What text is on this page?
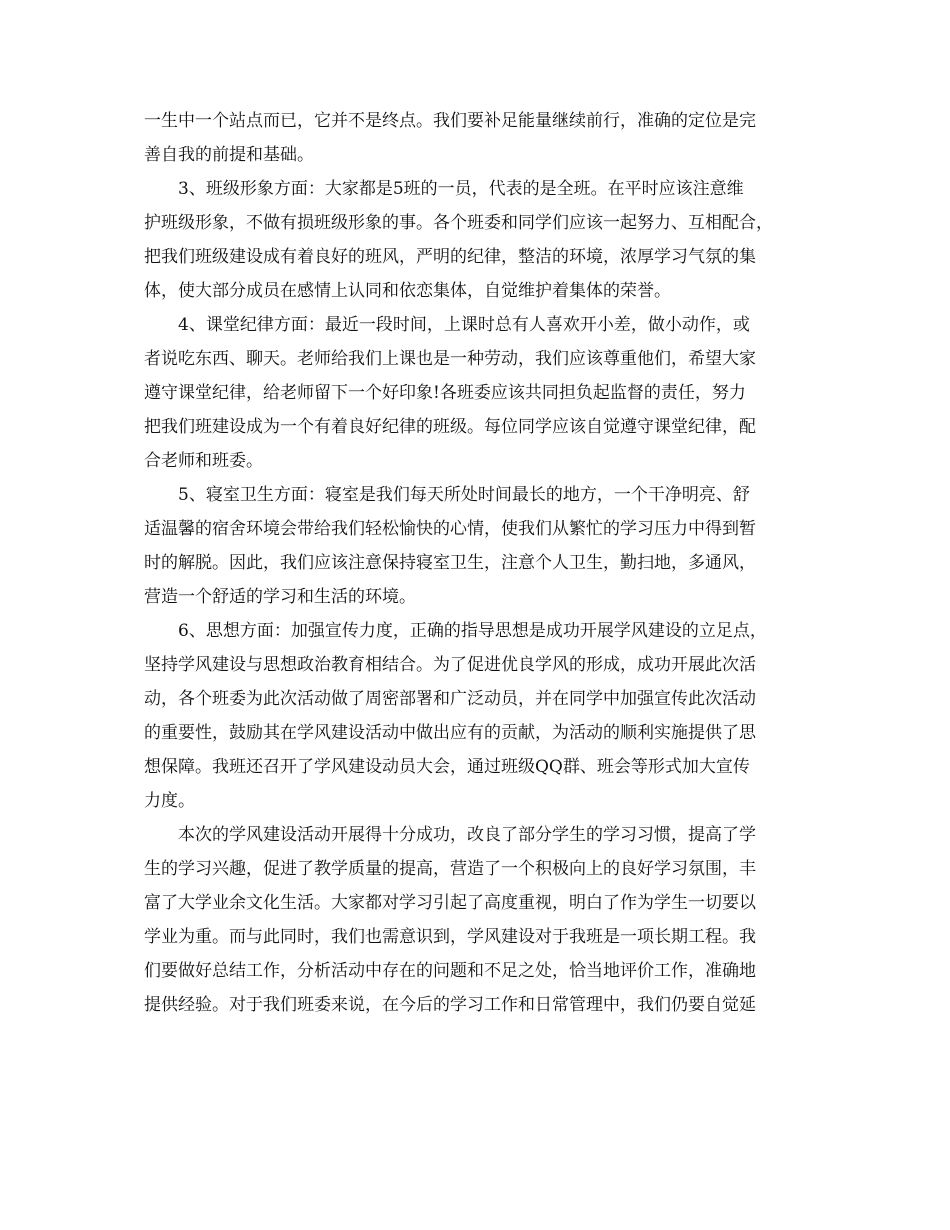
一生中一个站点而已，它并不是终点。我们要补足能量继续前行，准确的定位是完
善自我的前提和基础。
3、班级形象方面：大家都是5班的一员，代表的是全班。在平时应该注意维
护班级形象，不做有损班级形象的事。各个班委和同学们应该一起努力、互相配合，
把我们班级建设成有着良好的班风，严明的纪律，整洁的环境，浓厚学习气氛的集
体，使大部分成员在感情上认同和依恋集体，自觉维护着集体的荣誉。
4、课堂纪律方面：最近一段时间，上课时总有人喜欢开小差，做小动作，或
者说吃东西、聊天。老师给我们上课也是一种劳动，我们应该尊重他们，希望大家
遵守课堂纪律，给老师留下一个好印象!各班委应该共同担负起监督的责任，努力
把我们班建设成为一个有着良好纪律的班级。每位同学应该自觉遵守课堂纪律，配
合老师和班委。
5、寝室卫生方面：寝室是我们每天所处时间最长的地方，一个干净明亮、舒
适温馨的宿舍环境会带给我们轻松愉快的心情，使我们从繁忙的学习压力中得到暂
时的解脱。因此，我们应该注意保持寝室卫生，注意个人卫生，勤扫地，多通风，
营造一个舒适的学习和生活的环境。
6、思想方面：加强宣传力度，正确的指导思想是成功开展学风建设的立足点，
坚持学风建设与思想政治教育相结合。为了促进优良学风的形成，成功开展此次活
动，各个班委为此次活动做了周密部署和广泛动员，并在同学中加强宣传此次活动
的重要性，鼓励其在学风建设活动中做出应有的贡献，为活动的顺利实施提供了思
想保障。我班还召开了学风建设动员大会，通过班级QQ群、班会等形式加大宣传
力度。
本次的学风建设活动开展得十分成功，改良了部分学生的学习习惯，提高了学
生的学习兴趣，促进了教学质量的提高，营造了一个积极向上的良好学习氛围，丰
富了大学业余文化生活。大家都对学习引起了高度重视，明白了作为学生一切要以
学业为重。而与此同时，我们也需意识到，学风建设对于我班是一项长期工程。我
们要做好总结工作，分析活动中存在的问题和不足之处，恰当地评价工作，准确地
提供经验。对于我们班委来说，在今后的学习工作和日常管理中，我们仍要自觉延
